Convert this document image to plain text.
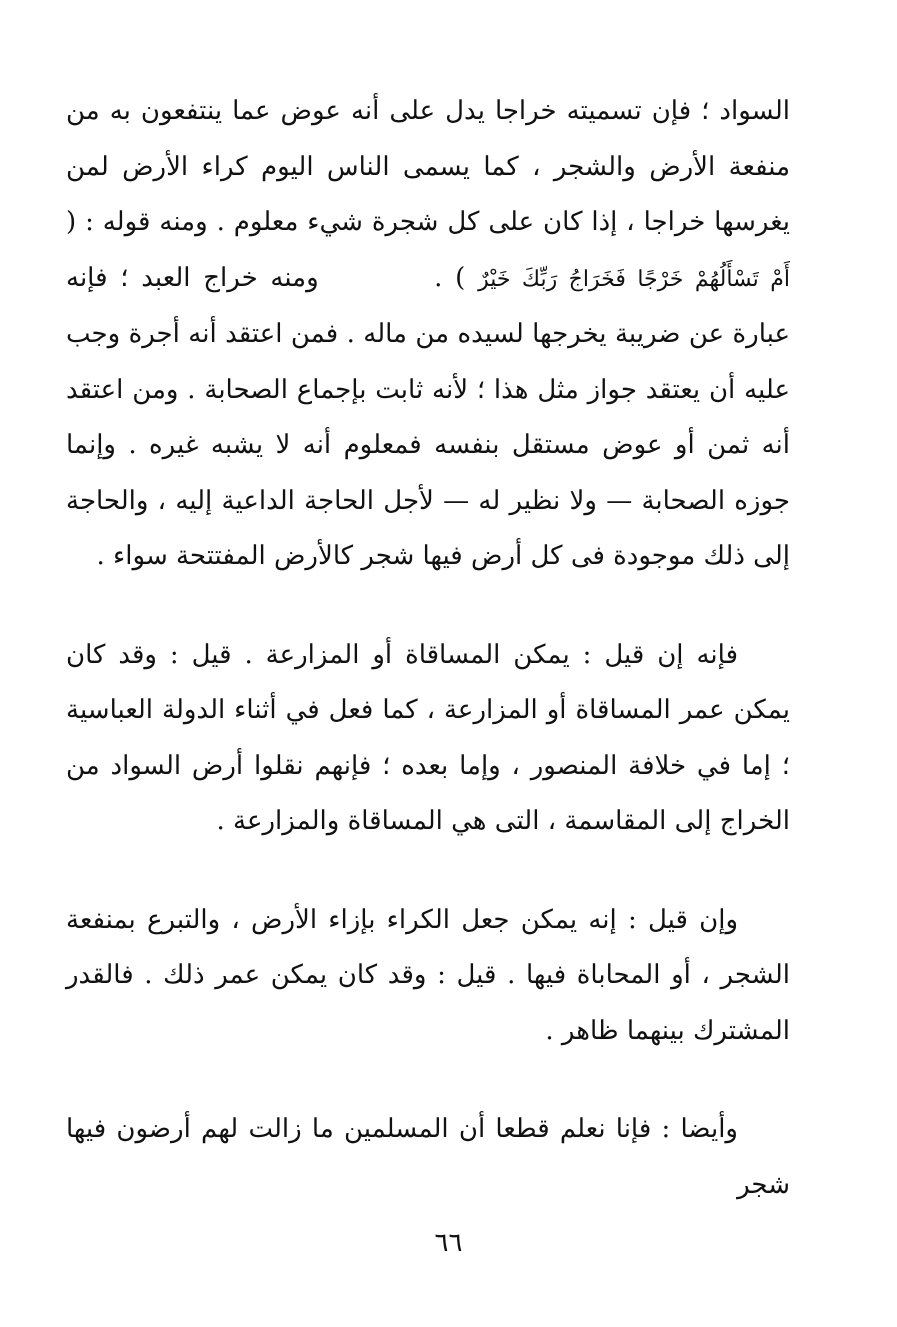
السواد ؛ فإن تسميته خراجا يدل على أنه عوض عما ينتفعون به من منفعة الأرض والشجر ، كما يسمى الناس اليوم كراء الأرض لمن يغرسها خراجا ، إذا كان على كل شجرة شيء معلوم . ومنه قوله : ( أَمْ تَسْأَلُهُمْ خَرْجًا فَخَرَاجُ رَبِّكَ خَيْرٌ ) .  ومنه خراج العبد ؛ فإنه عبارة عن ضريبة يخرجها لسيده من ماله . فمن اعتقد أنه أجرة وجب عليه أن يعتقد جواز مثل هذا ؛ لأنه ثابت بإجماع الصحابة . ومن اعتقد أنه ثمن أو عوض مستقل بنفسه فمعلوم أنه لا يشبه غيره . وإنما جوزه الصحابة — ولا نظير له — لأجل الحاجة الداعية إليه ، والحاجة إلى ذلك موجودة فى كل أرض فيها شجر كالأرض المفتتحة سواء .

فإنه إن قيل : يمكن المساقاة أو المزارعة . قيل : وقد كان يمكن عمر المساقاة أو المزارعة ، كما فعل في أثناء الدولة العباسية ؛ إما في خلافة المنصور ، وإما بعده ؛ فإنهم نقلوا أرض السواد من الخراج إلى المقاسمة ، التى هي المساقاة والمزارعة .

وإن قيل : إنه يمكن جعل الكراء بإزاء الأرض ، والتبرع بمنفعة الشجر ، أو المحاباة فيها . قيل : وقد كان يمكن عمر ذلك . فالقدر المشترك بينهما ظاهر .

وأيضا : فإنا نعلم قطعا أن المسلمين ما زالت لهم أرضون فيها شجر

٦٦
